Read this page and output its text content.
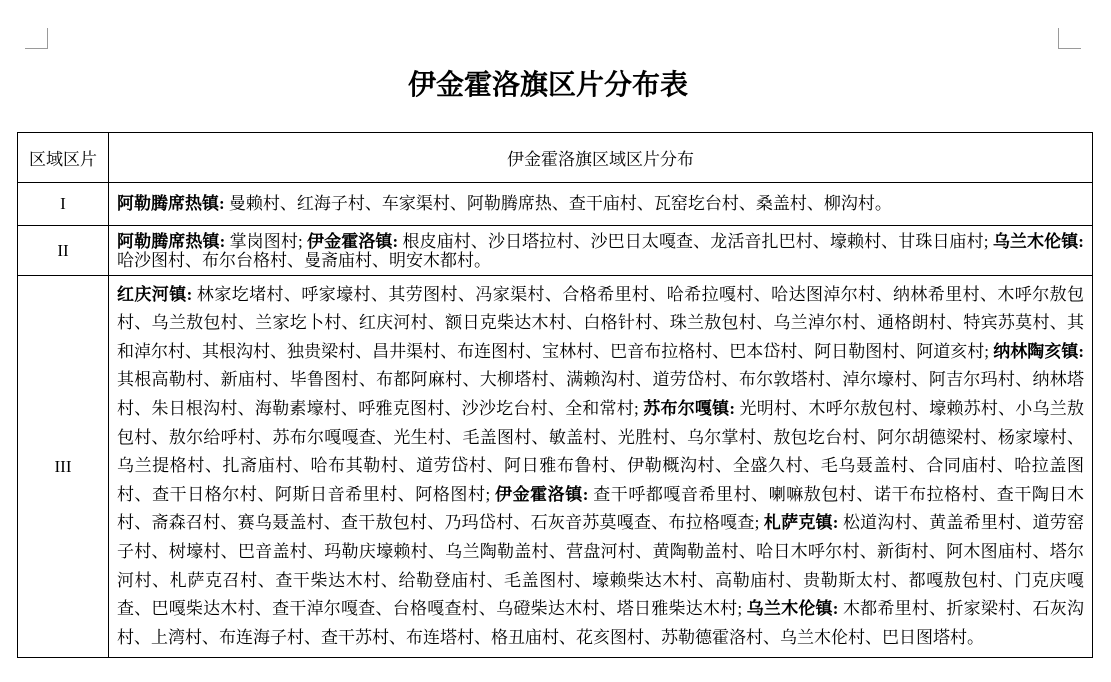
伊金霍洛旗区片分布表
区域区片	伊金霍洛旗区域区片分布
I	阿勒腾席热镇: 曼赖村、红海子村、车家渠村、阿勒腾席热、查干庙村、瓦窑圪台村、桑盖村、柳沟村。
II	阿勒腾席热镇: 掌岗图村; 伊金霍洛镇: 根皮庙村、沙日塔拉村、沙巴日太嘎查、龙活音扎巴村、壕赖村、甘珠日庙村; 乌兰木伦镇: 哈沙图村、布尔台格村、曼斋庙村、明安木都村。
III	红庆河镇: 林家圪堵村、呼家壕村、其劳图村、冯家渠村、合格希里村、哈希拉嘎村、哈达图淖尔村、纳林希里村、木呼尔敖包村、乌兰敖包村、兰家圪卜村、红庆河村、额日克柴达木村、白格针村、珠兰敖包村、乌兰淖尔村、通格朗村、特宾苏莫村、其和淖尔村、其根沟村、独贵梁村、昌井渠村、布连图村、宝林村、巴音布拉格村、巴本岱村、阿日勒图村、阿道亥村; 纳林陶亥镇: 其根高勒村、新庙村、毕鲁图村、布都阿麻村、大柳塔村、满赖沟村、道劳岱村、布尔敦塔村、淖尔壕村、阿吉尔玛村、纳林塔村、朱日根沟村、海勒素壕村、呼雅克图村、沙沙圪台村、全和常村; 苏布尔嘎镇: 光明村、木呼尔敖包村、壕赖苏村、小乌兰敖包村、敖尔给呼村、苏布尔嘎嘎查、光生村、毛盖图村、敏盖村、光胜村、乌尔掌村、敖包圪台村、阿尔胡德梁村、杨家壕村、乌兰提格村、扎斋庙村、哈布其勒村、道劳岱村、阿日雅布鲁村、伊勒概沟村、全盛久村、毛乌聂盖村、合同庙村、哈拉盖图村、查干日格尔村、阿斯日音希里村、阿格图村; 伊金霍洛镇: 查干呼都嘎音希里村、喇嘛敖包村、诺干布拉格村、查干陶日木村、斋森召村、赛乌聂盖村、查干敖包村、乃玛岱村、石灰音苏莫嘎查、布拉格嘎查; 札萨克镇: 松道沟村、黄盖希里村、道劳窑子村、树壕村、巴音盖村、玛勒庆壕赖村、乌兰陶勒盖村、营盘河村、黄陶勒盖村、哈日木呼尔村、新街村、阿木图庙村、塔尔河村、札萨克召村、查干柴达木村、给勒登庙村、毛盖图村、壕赖柴达木村、高勒庙村、贵勒斯太村、都嘎敖包村、门克庆嘎查、巴嘎柴达木村、查干淖尔嘎查、台格嘎查村、乌磴柴达木村、塔日雅柴达木村; 乌兰木伦镇: 木都希里村、折家梁村、石灰沟村、上湾村、布连海子村、查干苏村、布连塔村、格丑庙村、花亥图村、苏勒德霍洛村、乌兰木伦村、巴日图塔村。
